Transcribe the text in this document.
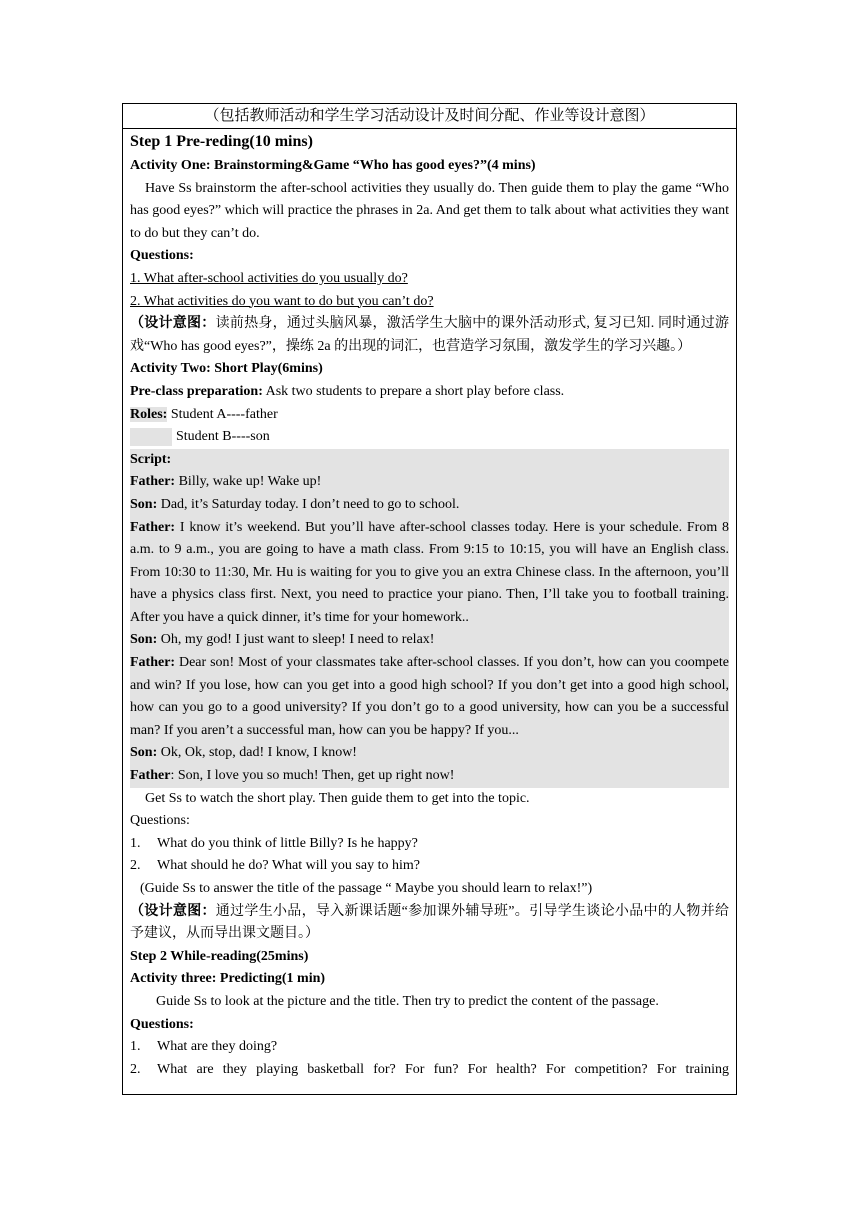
（包括教师活动和学生学习活动设计及时间分配、作业等设计意图）

Step 1 Pre-reding(10 mins)

Activity One: Brainstorming&Game “Who has good eyes?”(4 mins)

Have Ss brainstorm the after-school activities they usually do. Then guide them to play the game “Who has good eyes?” which will practice the phrases in 2a. And get them to talk about what activities they want to do but they can’t do.

Questions:

1. What after-school activities do you usually do?

2. What activities do you want to do but you can’t do?

（设计意图：读前热身，通过头脑风暴，激活学生大脑中的课外活动形式, 复习已知. 同时通过游戏“Who has good eyes?”，操练 2a 的出现的词汇，也营造学习氛围，激发学生的学习兴趣。）

Activity Two: Short Play(6mins)

Pre-class preparation: Ask two students to prepare a short play before class.

Roles: Student A----father

Student B----son

Script:

Father: Billy, wake up! Wake up!

Son: Dad, it’s Saturday today. I don’t need to go to school.

Father: I know it’s weekend. But you’ll have after-school classes today. Here is your schedule. From 8 a.m. to 9 a.m., you are going to have a math class. From 9:15 to 10:15, you will have an English class. From 10:30 to 11:30, Mr. Hu is waiting for you to give you an extra Chinese class. In the afternoon, you’ll have a physics class first. Next, you need to practice your piano. Then, I’ll take you to football training. After you have a quick dinner, it’s time for your homework..

Son: Oh, my god! I just want to sleep! I need to relax!

Father: Dear son! Most of your classmates take after-school classes. If you don’t, how can you coompete and win? If you lose, how can you get into a good high school? If you don’t get into a good high school, how can you go to a good university? If you don’t go to a good university, how can you be a successful man? If you aren’t a successful man, how can you be happy? If you...

Son: Ok, Ok, stop, dad! I know, I know!

Father: Son, I love you so much! Then, get up right now!

Get Ss to watch the short play. Then guide them to get into the topic.

Questions:

1.	What do you think of little Billy? Is he happy?
2.	What should he do? What will you say to him?

(Guide Ss to answer the title of the passage “ Maybe you should learn to relax!”)

（设计意图：通过学生小品，导入新课话题“参加课外辅导班”。引导学生谈论小品中的人物并给予建议，从而导出课文题目。）

Step 2 While-reading(25mins)

Activity three: Predicting(1 min)

Guide Ss to look at the picture and the title. Then try to predict the content of the passage.

Questions:

1.	What are they doing?
2.	What are they playing basketball for? For fun? For health? For competition? For training
